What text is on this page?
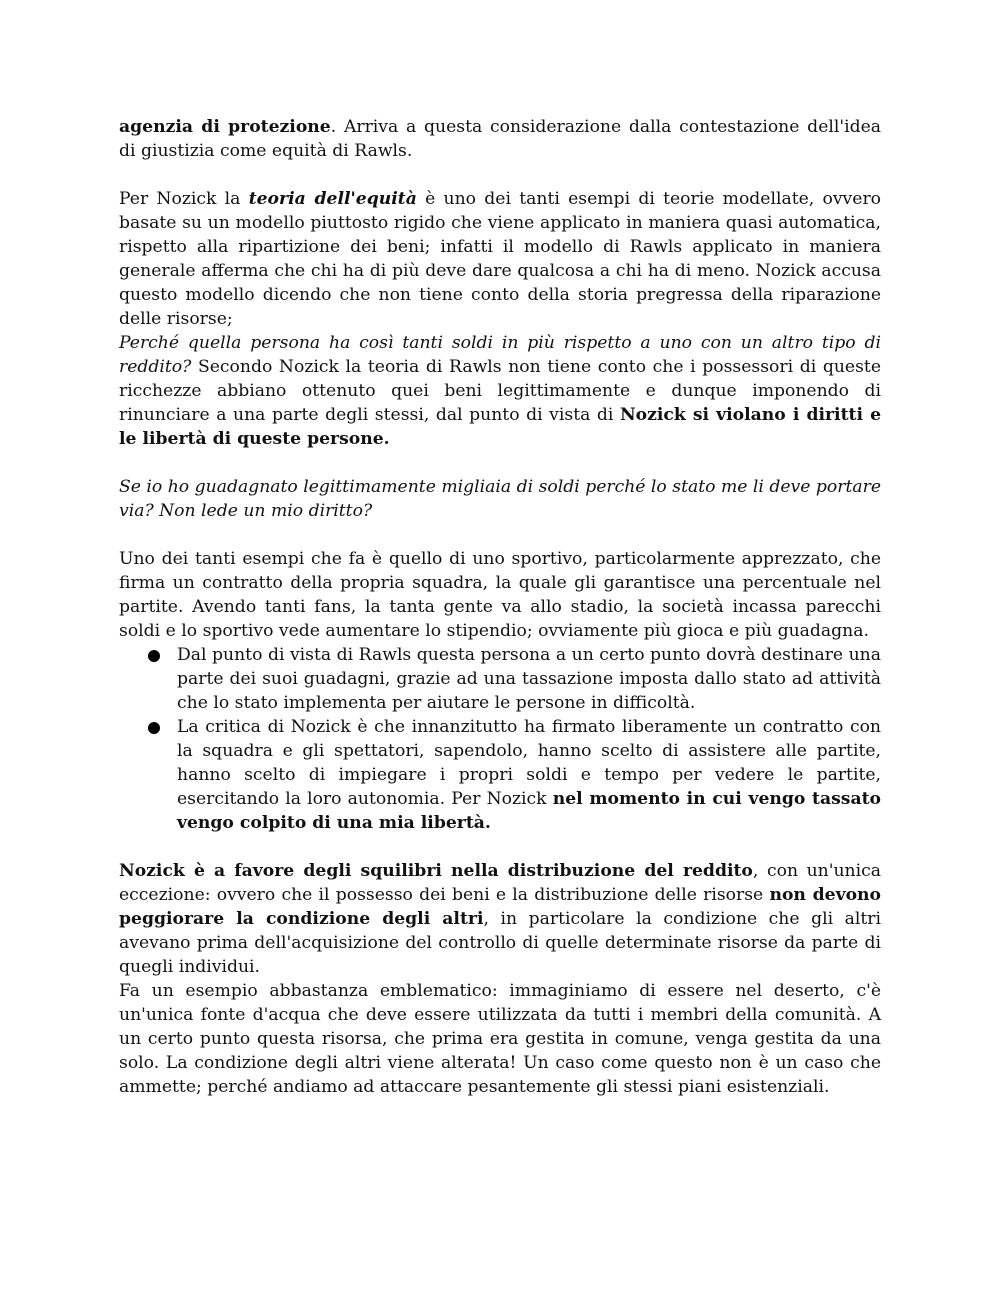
agenzia di protezione. Arriva a questa considerazione dalla contestazione dell'idea di giustizia come equità di Rawls.

Per Nozick la teoria dell'equità è uno dei tanti esempi di teorie modellate, ovvero basate su un modello piuttosto rigido che viene applicato in maniera quasi automatica, rispetto alla ripartizione dei beni; infatti il modello di Rawls applicato in maniera generale afferma che chi ha di più deve dare qualcosa a chi ha di meno. Nozick accusa questo modello dicendo che non tiene conto della storia pregressa della riparazione delle risorse;

Perché quella persona ha così tanti soldi in più rispetto a uno con un altro tipo di reddito? Secondo Nozick la teoria di Rawls non tiene conto che i possessori di queste ricchezze abbiano ottenuto quei beni legittimamente e dunque imponendo di rinunciare a una parte degli stessi, dal punto di vista di Nozick si violano i diritti e le libertà di queste persone.

Se io ho guadagnato legittimamente migliaia di soldi perché lo stato me li deve portare via? Non lede un mio diritto?

Uno dei tanti esempi che fa è quello di uno sportivo, particolarmente apprezzato, che firma un contratto della propria squadra, la quale gli garantisce una percentuale nel partite. Avendo tanti fans, la tanta gente va allo stadio, la società incassa parecchi soldi e lo sportivo vede aumentare lo stipendio; ovviamente più gioca e più guadagna.

Dal punto di vista di Rawls questa persona a un certo punto dovrà destinare una parte dei suoi guadagni, grazie ad una tassazione imposta dallo stato ad attività che lo stato implementa per aiutare le persone in difficoltà.
La critica di Nozick è che innanzitutto ha firmato liberamente un contratto con la squadra e gli spettatori, sapendolo, hanno scelto di assistere alle partite, hanno scelto di impiegare i propri soldi e tempo per vedere le partite, esercitando la loro autonomia. Per Nozick nel momento in cui vengo tassato vengo colpito di una mia libertà.

Nozick è a favore degli squilibri nella distribuzione del reddito, con un'unica eccezione: ovvero che il possesso dei beni e la distribuzione delle risorse non devono peggiorare la condizione degli altri, in particolare la condizione che gli altri avevano prima dell'acquisizione del controllo di quelle determinate risorse da parte di quegli individui.

Fa un esempio abbastanza emblematico: immaginiamo di essere nel deserto, c'è un'unica fonte d'acqua che deve essere utilizzata da tutti i membri della comunità. A un certo punto questa risorsa, che prima era gestita in comune, venga gestita da una solo. La condizione degli altri viene alterata! Un caso come questo non è un caso che ammette; perché andiamo ad attaccare pesantemente gli stessi piani esistenziali.
